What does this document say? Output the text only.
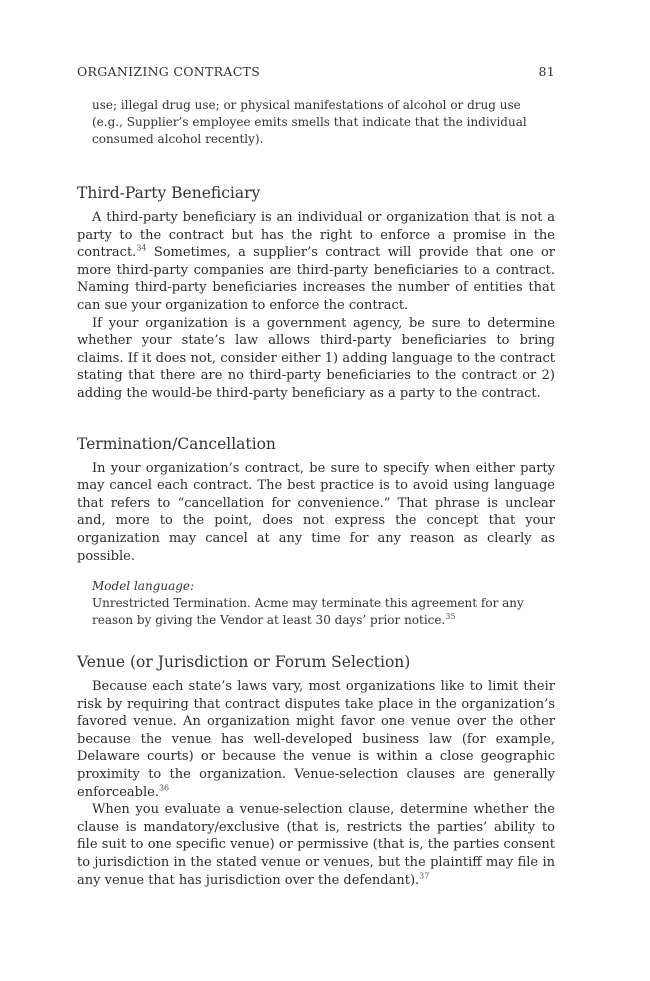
ORGANIZING CONTRACTS	81
use; illegal drug use; or physical manifestations of alcohol or drug use (e.g., Supplier’s employee emits smells that indicate that the individual consumed alcohol recently).
Third-Party Beneficiary

A third-party beneficiary is an individual or organization that is not a party to the contract but has the right to enforce a promise in the contract.$^{34}$ Sometimes, a supplier’s contract will provide that one or more third-party companies are third-party beneficiaries to a contract. Naming third-party beneficiaries increases the number of entities that can sue your organization to enforce the contract.

If your organization is a government agency, be sure to determine whether your state’s law allows third-party beneficiaries to bring claims. If it does not, consider either 1) adding language to the contract stating that there are no third-party beneficiaries to the contract or 2) adding the would-be third-party beneficiary as a party to the contract.

Termination/Cancellation

In your organization’s contract, be sure to specify when either party may cancel each contract. The best practice is to avoid using language that refers to “cancellation for convenience.” That phrase is unclear and, more to the point, does not express the concept that your organization may cancel at any time for any reason as clearly as possible.

Model language:
Unrestricted Termination. Acme may terminate this agreement for any reason by giving the Vendor at least 30 days’ prior notice.$^{35}$
Venue (or Jurisdiction or Forum Selection)

Because each state’s laws vary, most organizations like to limit their risk by requiring that contract disputes take place in the organization’s favored venue. An organization might favor one venue over the other because the venue has well-developed business law (for example, Delaware courts) or because the venue is within a close geographic proximity to the organization. Venue-selection clauses are generally enforceable.$^{36}$

When you evaluate a venue-selection clause, determine whether the clause is mandatory/exclusive (that is, restricts the parties’ ability to file suit to one specific venue) or permissive (that is, the parties consent to jurisdiction in the stated venue or venues, but the plaintiff may file in any venue that has jurisdiction over the defendant).$^{37}$
